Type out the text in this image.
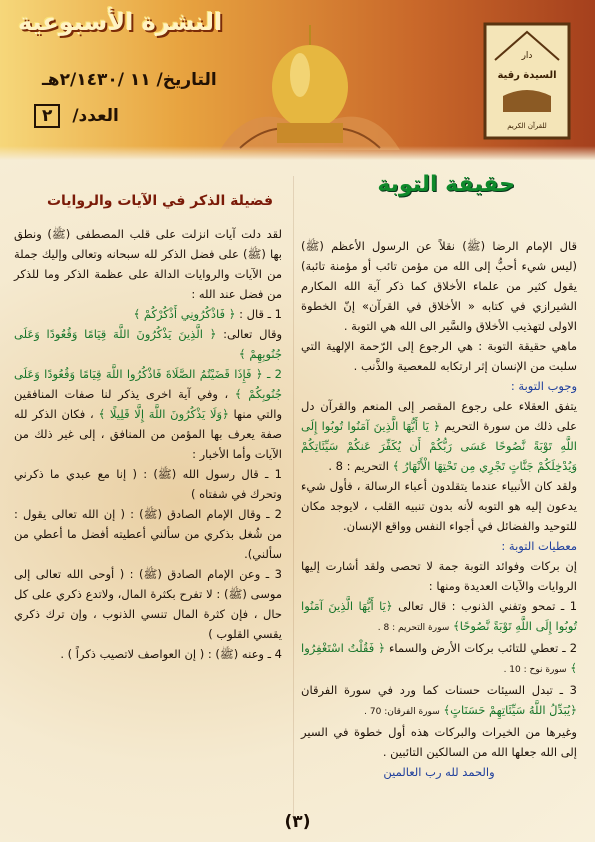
النشرة الأسبوعية
التاريخ/ ١١ /٢/١٤٣٠هـ
العدد/ ٢
دار
السيدة رقية
للقرآن الكريم
حقيقة التوبة

قال الإمام الرضا (ﷺ) نقلاً عن الرسول الأعظم (ﷺ) (ليس شيء أحبُّ إلى الله من مؤمن تائب أو مؤمنة تائبة) يقول كثير من علماء الأخلاق كما ذكر آية الله المكارم الشيرازي في كتابه « الأخلاق في القرآن» إنّ الخطوة الاولى لتهذيب الأخلاق والسَّير الى الله هي التوبة .

ماهي حقيقة التوبة : هي الرجوع إلى الرّحمة الإلهية التي سلبت من الإنسان إثر ارتكابه للمعصية والذَّنب .

وجوب التوبة :

يتفق العقلاء على رجوع المقصر إلى المنعم والقرآن دل على ذلك من سورة التحريم ﴿ يَا أَيُّهَا الَّذِينَ آمَنُوا تُوبُوا إِلَى اللَّهِ تَوْبَةً نَّصُوحًا عَسَى رَبُّكُمْ أَن يُكَفِّرَ عَنكُمْ سَيِّئَاتِكُمْ وَيُدْخِلَكُمْ جَنَّاتٍ تَجْرِي مِن تَحْتِهَا الْأَنْهَارُ ﴾ التحريم : 8 .

ولقد كان الأنبياء عندما يتقلدون أعباء الرسالة ، فأول شيء يدعون إليه هو التوبه لأنه بدون تنبيه القلب ، لايوجد مكان للتوحيد والفضائل في أجواء النفس وواقع الإنسان.

معطيات التوبة :

إن بركات وفوائد التوبة جمة لا تحصى ولقد أشارت إليها الروايات والآيات العديدة ومنها :

1 ـ تمحو وتفني الذنوب : قال تعالى ﴿يَا أَيُّهَا الَّذِينَ آمَنُوا تُوبُوا إِلَى اللَّهِ تَوْبَةً نَّصُوحًا﴾ سورة التحريم : 8 .

2 ـ تعطي للتائب بركات الأرض والسماء ﴿ فَقُلْتُ اسْتَغْفِرُوا ﴾ سورة نوح : 10 .

3 ـ تبدل السيئات حسنات كما ورد في سورة الفرقان ﴿يُبَدِّلُ اللَّهُ سَيِّئَاتِهِمْ حَسَنَاتٍ﴾ سورة الفرقان: 70 .

وغيرها من الخيرات والبركات هذه أول خطوة في السير إلى الله جعلها الله من السالكين التائبين .

والحمد لله رب العالمين

فضيلة الذكر في الآيات والروايات

لقد دلت آيات انزلت على قلب المصطفى (ﷺ) ونطق بها (ﷺ) على فضل الذكر لله سبحانه وتعالى وإليك جملة من الآيات والروايات الدالة على عظمة الذكر وما للذكر من فضل عند الله :

1 ـ قال : ﴿ فَاذْكُرُونِي أَذْكُرْكُمْ ﴾

وقال تعالى: ﴿ الَّذِينَ يَذْكُرُونَ اللَّهَ قِيَامًا وَقُعُودًا وَعَلَى جُنُوبِهِمْ ﴾

2 ـ ﴿ فَإِذَا قَضَيْتُمُ الصَّلَاةَ فَاذْكُرُوا اللَّهَ قِيَامًا وَقُعُودًا وَعَلَى جُنُوبِكُمْ ﴾ ، وفي آية اخرى يذكر لنا صفات المنافقين والتي منها ﴿وَلَا يَذْكُرُونَ اللَّهَ إِلَّا قَلِيلًا ﴾ ، فكان الذكر لله صفة يعرف بها المؤمن من المنافق ، إلى غير ذلك من الآيات وأما الأخبار :

1 ـ قال رسول الله (ﷺ) : ( إنا مع عبدي ما ذكرني وتحرك في شفتاه )

2 ـ وقال الإمام الصادق (ﷺ) : ( إن الله تعالى يقول : من شُغل بذكري من سألني أعطيته أفضل ما أعطي من سألني).

3 ـ وعن الإمام الصادق (ﷺ) : ( أوحى الله تعالى إلى موسى (ﷺ) : لا تفرح بكثرة المال، ولاتدع ذكري على كل حال ، فإن كثرة المال تنسي الذنوب ، وإن ترك ذكري يقسي القلوب )

4 ـ وعنه (ﷺ) : ( إن العواصف لاتصيب ذكراً ) .

(٣)
